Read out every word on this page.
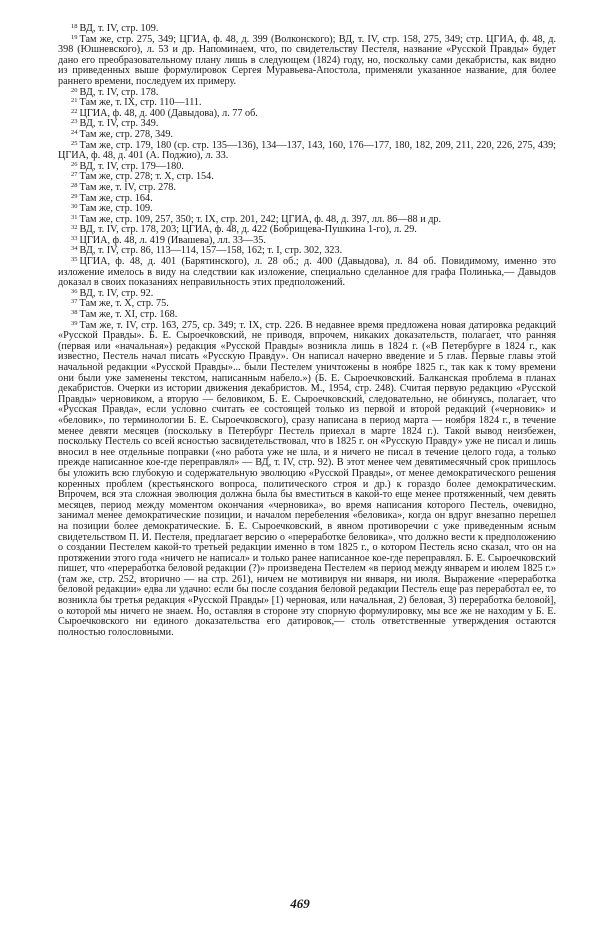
$^{18}$ ВД, т. IV, стр. 109.

$^{19}$ Там же, стр. 275, 349; ЦГИА, ф. 48, д. 399 (Волконского); ВД, т. IV, стр. 158, 275, 349; стр. ЦГИА, ф. 48, д. 398 (Юшневского), л. 53 и др. Напоминаем, что, по свидетельству Пестеля, название «Русской Правды» будет дано его преобразовательному плану лишь в следующем (1824) году, но, поскольку сами декабристы, как видно из приведенных выше формулировок Сергея Муравьева-Апостола, применяли указанное название, для более раннего времени, последуем их примеру.

$^{20}$ ВД, т. IV, стр. 178.

$^{21}$ Там же, т. IX, стр. 110—111.

$^{22}$ ЦГИА, ф. 48, д. 400 (Давыдова), л. 77 об.

$^{23}$ ВД, т. IV, стр. 349.

$^{24}$ Там же, стр. 278, 349.

$^{25}$ Там же, стр. 179, 180 (ср. стр. 135—136), 134—137, 143, 160, 176—177, 180, 182, 209, 211, 220, 226, 275, 439; ЦГИА, ф. 48, д. 401 (А. Поджио), л. 33.

$^{26}$ ВД, т. IV, стр. 179—180.

$^{27}$ Там же, стр. 278; т. X, стр. 154.

$^{28}$ Там же, т. IV, стр. 278.

$^{29}$ Там же, стр. 164.

$^{30}$ Там же, стр. 109.

$^{31}$ Там же, стр. 109, 257, 350; т. IX, стр. 201, 242; ЦГИА, ф. 48, д. 397, лл. 86—88 и др.

$^{32}$ ВД, т. IV, стр. 178, 203; ЦГИА, ф. 48, д. 422 (Бобрищева-Пушкина 1-го), л. 29.

$^{33}$ ЦГИА, ф. 48, л. 419 (Ивашева), лл. 33—35.

$^{34}$ ВД, т. IV, стр. 86, 113—114, 157—158, 162; т. I, стр. 302, 323.

$^{35}$ ЦГИА, ф. 48, д. 401 (Барятинского), л. 28 об.; д. 400 (Давыдова), л. 84 об. Повидимому, именно это изложение имелось в виду на следствии как изложение, специально сделанное для графа Полинька,— Давыдов доказал в своих показаниях неправильность этих предположений.

$^{36}$ ВД, т. IV, стр. 92.

$^{37}$ Там же, т. X, стр. 75.

$^{38}$ Там же, т. XI, стр. 168.

$^{39}$ Там же, т. IV, стр. 163, 275, ср. 349; т. IX, стр. 226. В недавнее время предложена новая датировка редакций «Русской Правды». Б. Е. Сыроечковский, не приводя, впрочем, никаких доказательств, полагает, что ранняя (первая или «начальная») редакция «Русской Правды» возникла лишь в 1824 г. («В Петербурге в 1824 г., как известно, Пестель начал писать «Русскую Правду». Он написал начерно введение и 5 глав. Первые главы этой начальной редакции «Русской Правды»... были Пестелем уничтожены в ноябре 1825 г., так как к тому времени они были уже заменены текстом, написанным набело.») (Б. Е. Сыроечковский. Балканская проблема в планах декабристов. Очерки из истории движения декабристов. М., 1954, стр. 248). Считая первую редакцию «Русской Правды» черновиком, а вторую — беловиком, Б. Е. Сыроечковский, следовательно, не обинуясь, полагает, что «Русская Правда», если условно считать ее состоящей только из первой и второй редакций («черновик» и «беловик», по терминологии Б. Е. Сыроечковского), сразу написана в период марта — ноября 1824 г., в течение менее девяти месяцев (поскольку в Петербург Пестель приехал в марте 1824 г.). Такой вывод неизбежен, поскольку Пестель со всей ясностью засвидетельствовал, что в 1825 г. он «Русскую Правду» уже не писал и лишь вносил в нее отдельные поправки («но работа уже не шла, и я ничего не писал в течение целого года, а только прежде написанное кое-где переправлял» — ВД, т. IV, стр. 92). В этот менее чем девятимесячный срок пришлось бы уложить всю глубокую и содержательную эволюцию «Русской Правды», от менее демократического решения коренных проблем (крестьянского вопроса, политического строя и др.) к гораздо более демократическим. Впрочем, вся эта сложная эволюция должна была бы вместиться в какой-то еще менее протяженный, чем девять месяцев, период между моментом окончания «черновика», во время написания которого Пестель, очевидно, занимал менее демократические позиции, и началом перебеления «беловика», когда он вдруг внезапно перешел на позиции более демократические. Б. Е. Сыроечковский, в явном противоречии с уже приведенным ясным свидетельством П. И. Пестеля, предлагает версию о «переработке беловика», что должно вести к предположению о создании Пестелем какой-то третьей редакции именно в том 1825 г., о котором Пестель ясно сказал, что он на протяжении этого года «ничего не написал» и только ранее написанное кое-где переправлял. Б. Е. Сыроечковский пишет, что «переработка беловой редакции (?)» произведена Пестелем «в период между январем и июлем 1825 г.» (там же, стр. 252, вторично — на стр. 261), ничем не мотивируя ни января, ни июля. Выражение «переработка беловой редакции» едва ли удачно: если бы после создания беловой редакции Пестель еще раз переработал ее, то возникла бы третья редакция «Русской Правды» [1) черновая, или начальная, 2) беловая, 3) переработка беловой], о которой мы ничего не знаем. Но, оставляя в стороне эту спорную формулировку, мы все же не находим у Б. Е. Сыроечковского ни единого доказательства его датировок,— столь ответственные утверждения остаются полностью голословными.

469
